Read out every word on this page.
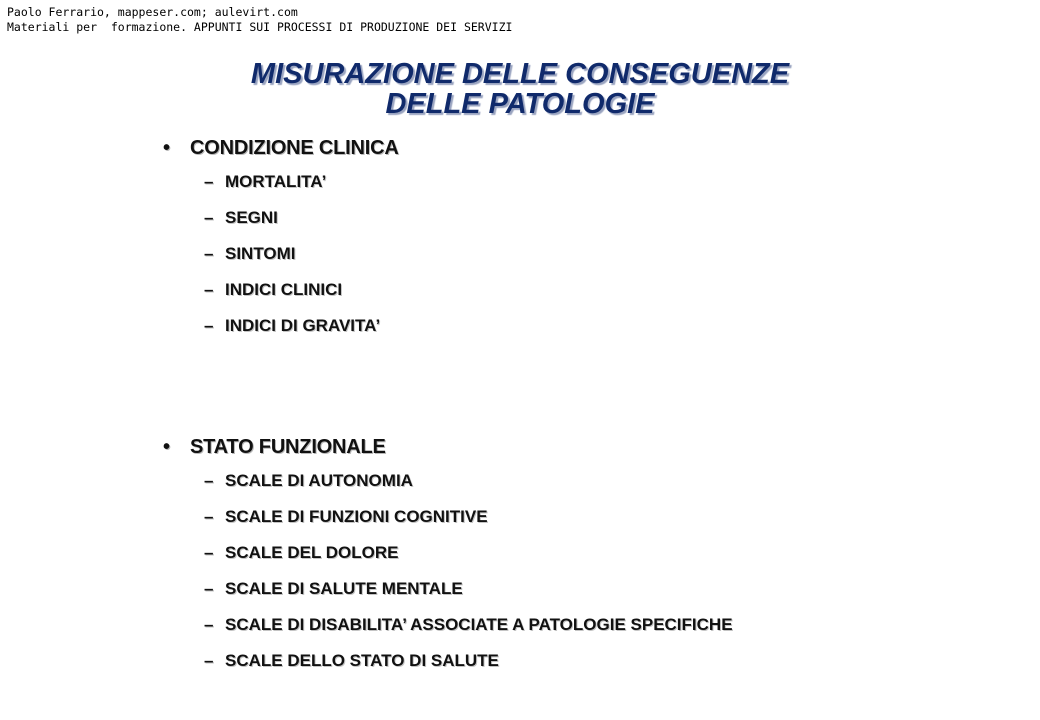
Paolo Ferrario, mappeser.com; aulevirt.com
Materiali per  formazione. APPUNTI SUI PROCESSI DI PRODUZIONE DEI SERVIZI
MISURAZIONE DELLE CONSEGUENZE
DELLE PATOLOGIE
•	CONDIZIONE CLINICA
– MORTALITA’
– SEGNI
– SINTOMI
– INDICI CLINICI
– INDICI DI GRAVITA’
•	STATO FUNZIONALE
– SCALE DI AUTONOMIA
– SCALE DI FUNZIONI COGNITIVE
– SCALE DEL DOLORE
– SCALE DI SALUTE MENTALE
– SCALE DI DISABILITA’ ASSOCIATE A PATOLOGIE SPECIFICHE
– SCALE DELLO STATO DI SALUTE
